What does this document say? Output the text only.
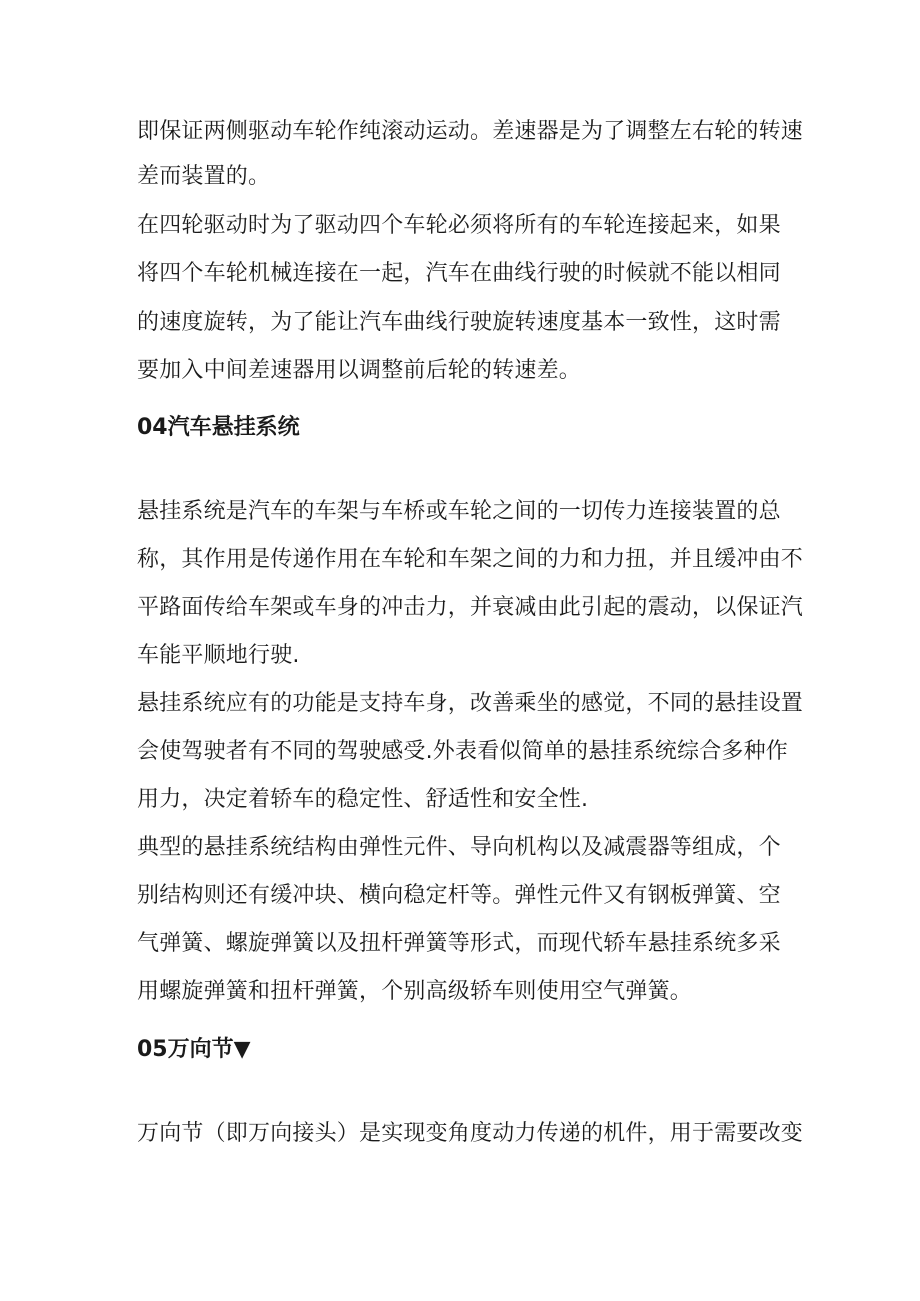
即保证两侧驱动车轮作纯滚动运动。差速器是为了调整左右轮的转速
差而装置的。
在四轮驱动时为了驱动四个车轮必须将所有的车轮连接起来，如果
将四个车轮机械连接在一起，汽车在曲线行驶的时候就不能以相同
的速度旋转，为了能让汽车曲线行驶旋转速度基本一致性，这时需
要加入中间差速器用以调整前后轮的转速差。
04汽车悬挂系统
悬挂系统是汽车的车架与车桥或车轮之间的一切传力连接装置的总
称，其作用是传递作用在车轮和车架之间的力和力扭，并且缓冲由不
平路面传给车架或车身的冲击力，并衰减由此引起的震动，以保证汽
车能平顺地行驶.
悬挂系统应有的功能是支持车身，改善乘坐的感觉，不同的悬挂设置
会使驾驶者有不同的驾驶感受.外表看似简单的悬挂系统综合多种作
用力，决定着轿车的稳定性、舒适性和安全性.
典型的悬挂系统结构由弹性元件、导向机构以及减震器等组成，个
别结构则还有缓冲块、横向稳定杆等。弹性元件又有钢板弹簧、空
气弹簧、螺旋弹簧以及扭杆弹簧等形式，而现代轿车悬挂系统多采
用螺旋弹簧和扭杆弹簧，个别高级轿车则使用空气弹簧。
05万向节▼
万向节（即万向接头）是实现变角度动力传递的机件，用于需要改变
